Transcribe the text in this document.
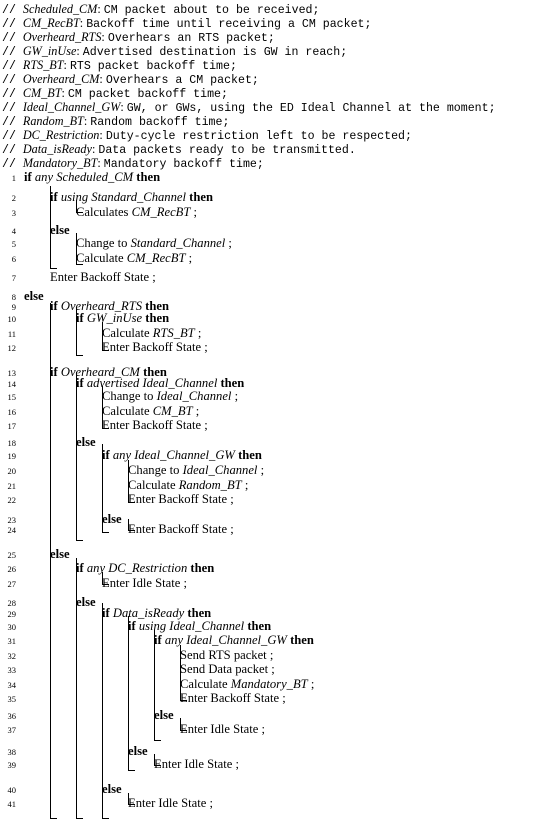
// Scheduled_CM: CM packet about to be received;
// CM_RecBT: Backoff time until receiving a CM packet;
// Overheard_RTS: Overhears an RTS packet;
// GW_inUse: Advertised destination is GW in reach;
// RTS_BT: RTS packet backoff time;
// Overheard_CM: Overhears a CM packet;
// CM_BT: CM packet backoff time;
// Ideal_Channel_GW: GW, or GWs, using the ED Ideal Channel at the moment;
// Random_BT: Random backoff time;
// DC_Restriction: Duty-cycle restriction left to be respected;
// Data_isReady: Data packets ready to be transmitted.
// Mandatory_BT: Mandatory backoff time;
1 if any Scheduled_CM then
2	if using Standard_Channel then
3	Calculates CM_RecBT ;
4	else
5	Change to Standard_Channel ;
6	Calculate CM_RecBT ;
7	Enter Backoff State ;
8 else
9	if Overheard_RTS then
10	if GW_inUse then
11	Calculate RTS_BT ;
12	Enter Backoff State ;
13	if Overheard_CM then
14	if advertised Ideal_Channel then
15	Change to Ideal_Channel ;
16	Calculate CM_BT ;
17	Enter Backoff State ;
18	else
19	if any Ideal_Channel_GW then
20	Change to Ideal_Channel ;
21	Calculate Random_BT ;
22	Enter Backoff State ;
23	else
24	Enter Backoff State ;
25	else
26	if any DC_Restriction then
27	Enter Idle State ;
28	else
29	if Data_isReady then
30	if using Ideal_Channel then
31	if any Ideal_Channel_GW then
32	Send RTS packet ;
33	Send Data packet ;
34	Calculate Mandatory_BT ;
35	Enter Backoff State ;
36	else
37	Enter Idle State ;
38	else
39	Enter Idle State ;
40	else
41	Enter Idle State ;
